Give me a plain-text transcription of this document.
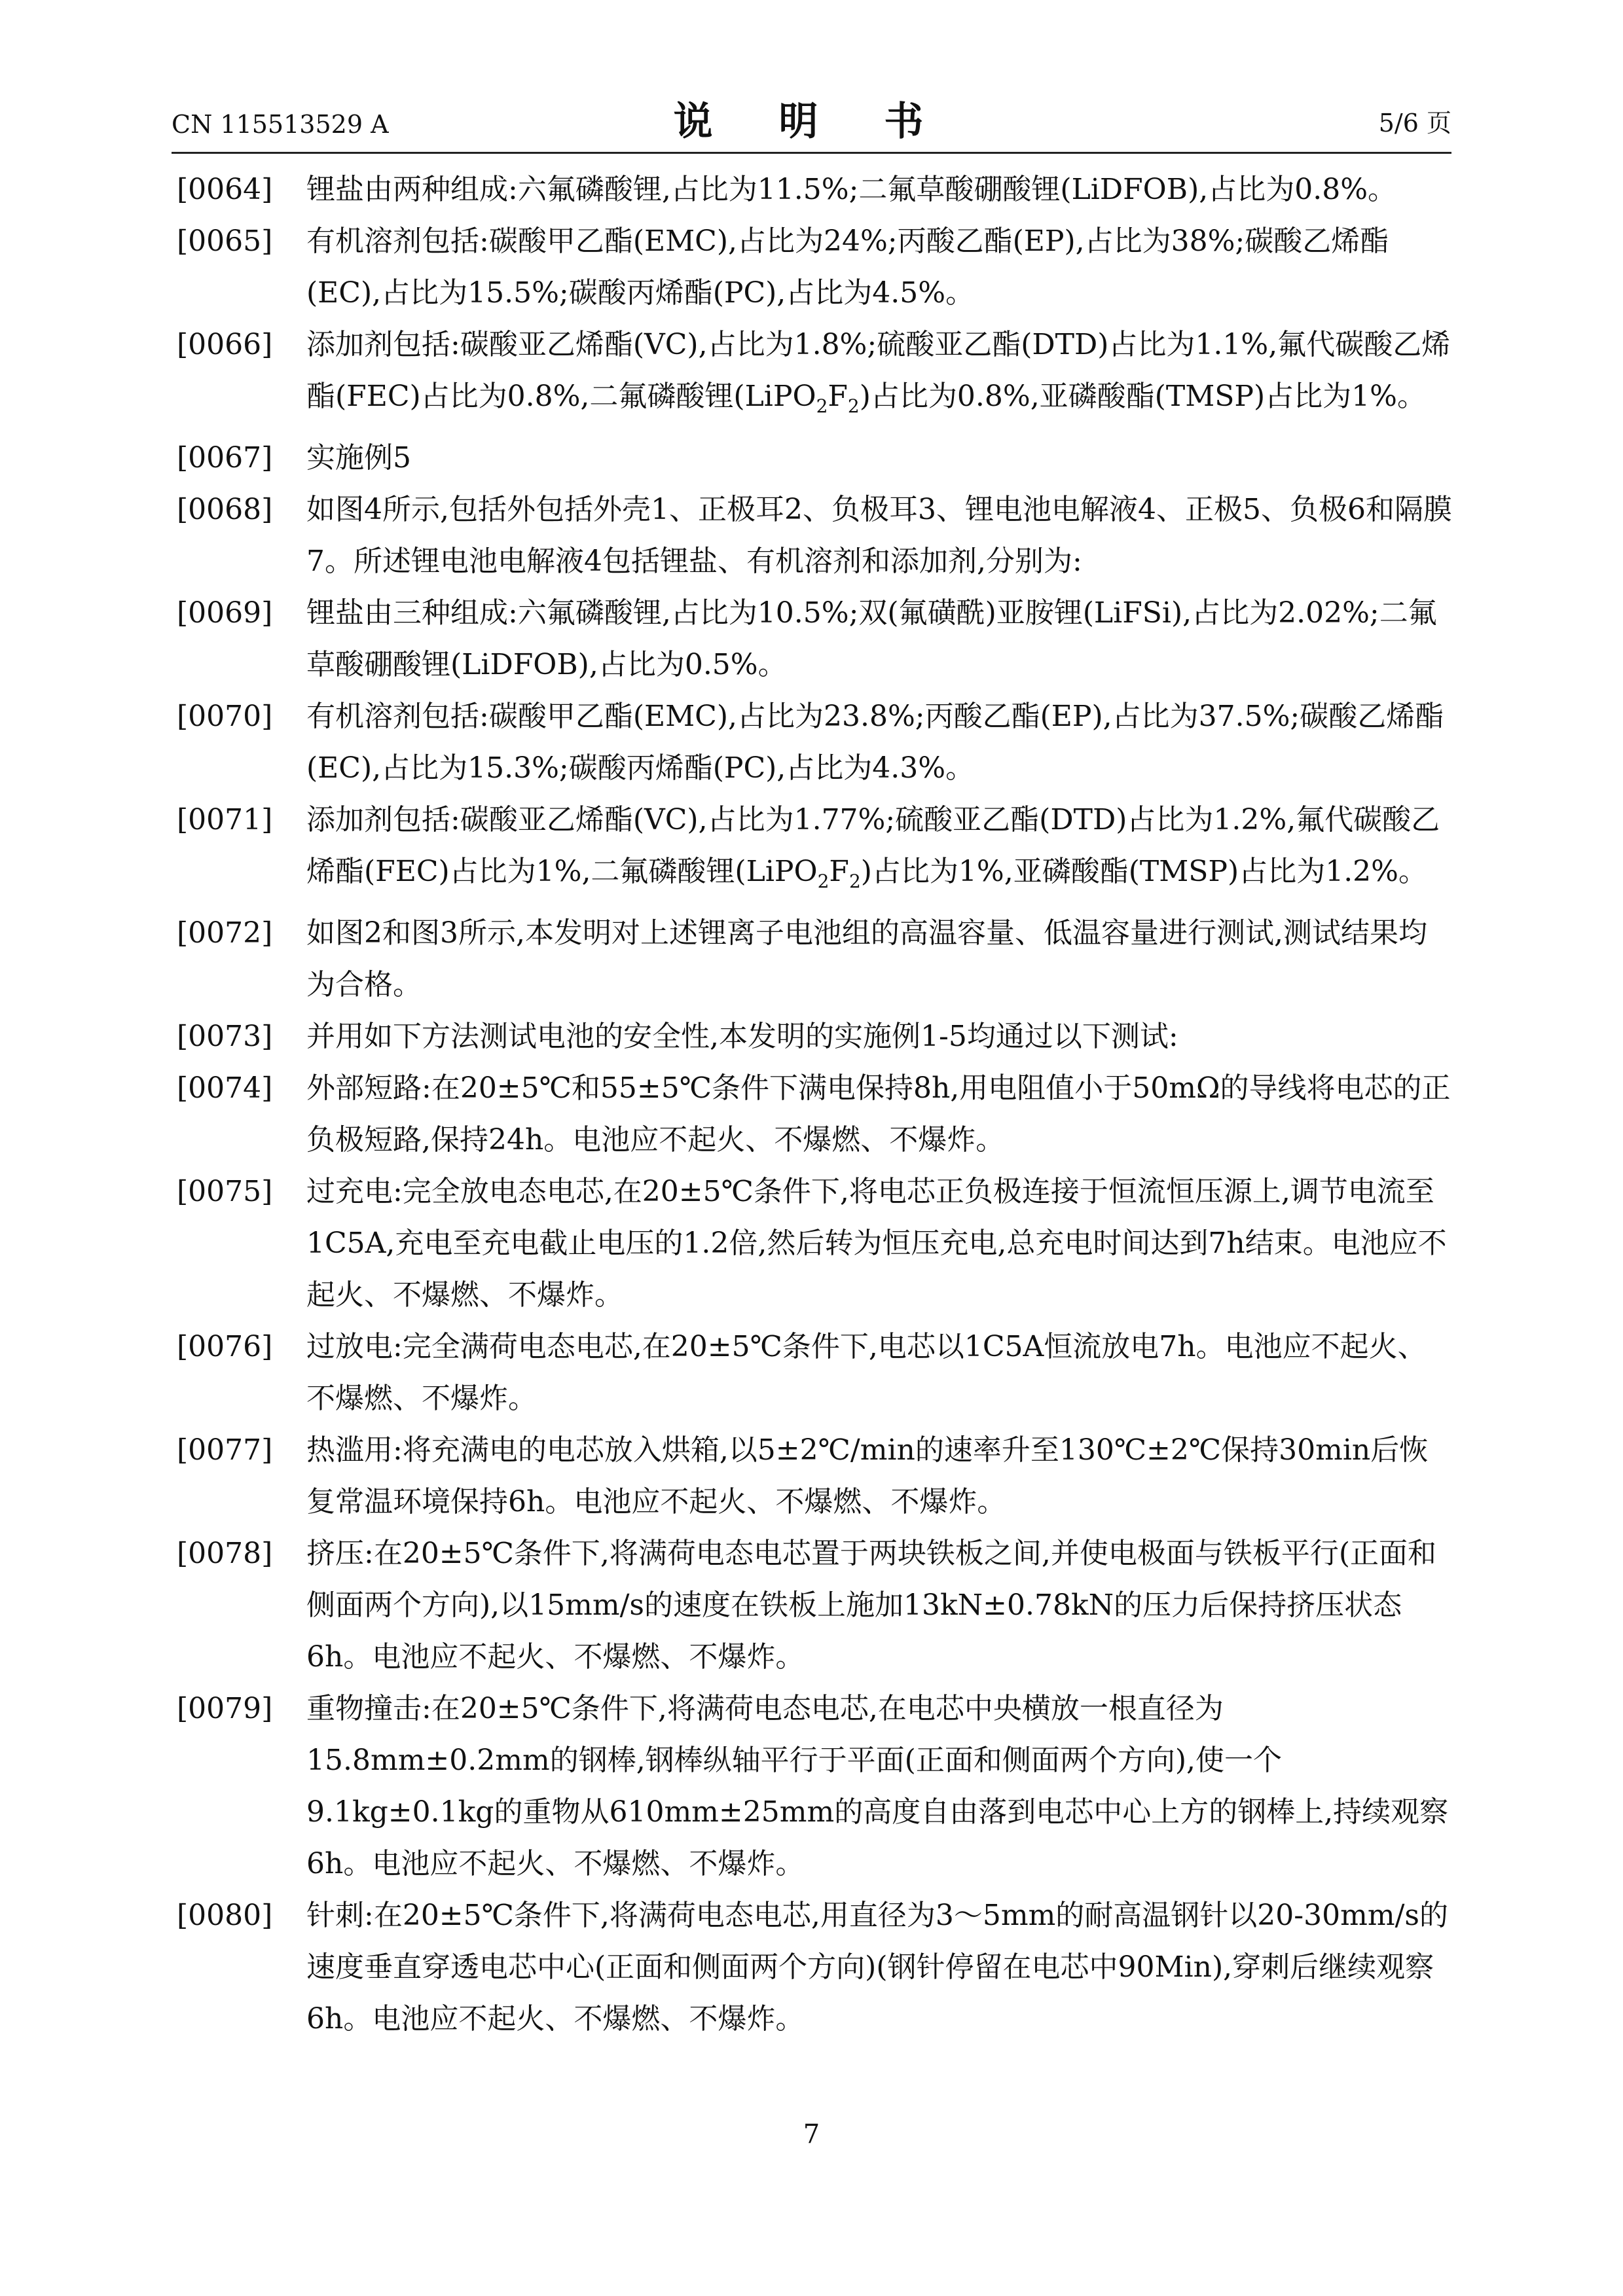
CN 115513529 A	说 明 书	5/6 页

[0064] 锂盐由两种组成:六氟磷酸锂,占比为11.5%;二氟草酸硼酸锂(LiDFOB),占比为0.8%。

[0065] 有机溶剂包括:碳酸甲乙酯(EMC),占比为24%;丙酸乙酯(EP),占比为38%;碳酸乙烯酯(EC),占比为15.5%;碳酸丙烯酯(PC),占比为4.5%。

[0066] 添加剂包括:碳酸亚乙烯酯(VC),占比为1.8%;硫酸亚乙酯(DTD)占比为1.1%,氟代碳酸乙烯酯(FEC)占比为0.8%,二氟磷酸锂$(LiPO_2F_2)$占比为0.8%,亚磷酸酯(TMSP)占比为1%。

[0067] 实施例5

[0068] 如图4所示,包括外包括外壳1、正极耳2、负极耳3、锂电池电解液4、正极5、负极6和隔膜7。所述锂电池电解液4包括锂盐、有机溶剂和添加剂,分别为:

[0069] 锂盐由三种组成:六氟磷酸锂,占比为10.5%;双(氟磺酰)亚胺锂(LiFSi),占比为2.02%;二氟草酸硼酸锂(LiDFOB),占比为0.5%。

[0070] 有机溶剂包括:碳酸甲乙酯(EMC),占比为23.8%;丙酸乙酯(EP),占比为37.5%;碳酸乙烯酯(EC),占比为15.3%;碳酸丙烯酯(PC),占比为4.3%。

[0071] 添加剂包括:碳酸亚乙烯酯(VC),占比为1.77%;硫酸亚乙酯(DTD)占比为1.2%,氟代碳酸乙烯酯(FEC)占比为1%,二氟磷酸锂$(LiPO_2F_2)$占比为1%,亚磷酸酯(TMSP)占比为1.2%。

[0072] 如图2和图3所示,本发明对上述锂离子电池组的高温容量、低温容量进行测试,测试结果均为合格。

[0073] 并用如下方法测试电池的安全性,本发明的实施例1-5均通过以下测试:

[0074] 外部短路:在20±5℃和55±5℃条件下满电保持8h,用电阻值小于50mΩ的导线将电芯的正负极短路,保持24h。电池应不起火、不爆燃、不爆炸。

[0075] 过充电:完全放电态电芯,在20±5℃条件下,将电芯正负极连接于恒流恒压源上,调节电流至1C5A,充电至充电截止电压的1.2倍,然后转为恒压充电,总充电时间达到7h结束。电池应不起火、不爆燃、不爆炸。

[0076] 过放电:完全满荷电态电芯,在20±5℃条件下,电芯以1C5A恒流放电7h。电池应不起火、不爆燃、不爆炸。

[0077] 热滥用:将充满电的电芯放入烘箱,以5±2℃/min的速率升至130℃±2℃保持30min后恢复常温环境保持6h。电池应不起火、不爆燃、不爆炸。

[0078] 挤压:在20±5℃条件下,将满荷电态电芯置于两块铁板之间,并使电极面与铁板平行(正面和侧面两个方向),以15mm/s的速度在铁板上施加13kN±0.78kN的压力后保持挤压状态6h。电池应不起火、不爆燃、不爆炸。

[0079] 重物撞击:在20±5℃条件下,将满荷电态电芯,在电芯中央横放一根直径为15.8mm±0.2mm的钢棒,钢棒纵轴平行于平面(正面和侧面两个方向),使一个9.1kg±0.1kg的重物从610mm±25mm的高度自由落到电芯中心上方的钢棒上,持续观察6h。电池应不起火、不爆燃、不爆炸。

[0080] 针刺:在20±5℃条件下,将满荷电态电芯,用直径为3～5mm的耐高温钢针以20-30mm/s的速度垂直穿透电芯中心(正面和侧面两个方向)(钢针停留在电芯中90Min),穿刺后继续观察6h。电池应不起火、不爆燃、不爆炸。

7
